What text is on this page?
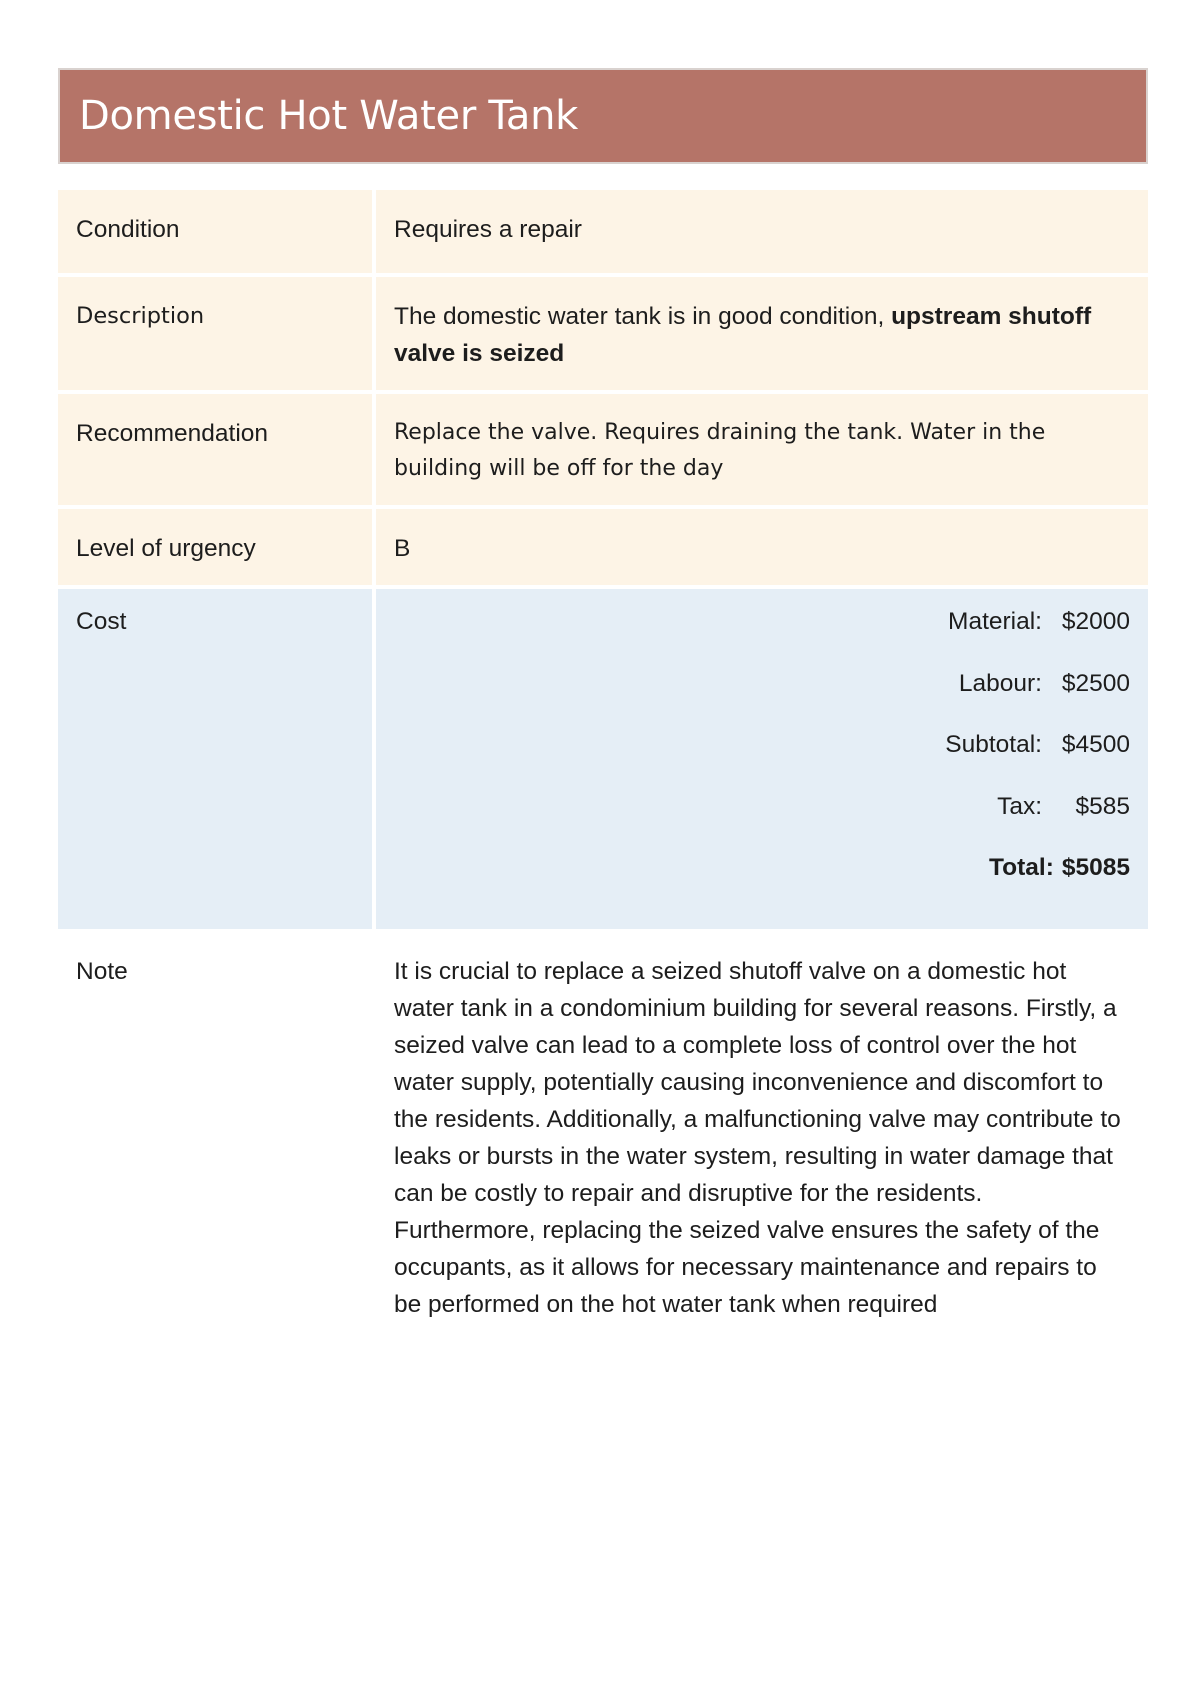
Domestic Hot Water Tank
Condition	Requires a repair
Description	The domestic water tank is in good condition, upstream shutoff valve is seized
Recommendation	Replace the valve. Requires draining the tank. Water in the building will be off for the day
Level of urgency	B
Cost	Material: $2000
Labour: $2500
Subtotal: $4500
Tax: $585
Total: $5085

Note	It is crucial to replace a seized shutoff valve on a domestic hot water tank in a condominium building for several reasons. Firstly, a seized valve can lead to a complete loss of control over the hot water supply, potentially causing inconvenience and discomfort to the residents. Additionally, a malfunctioning valve may contribute to leaks or bursts in the water system, resulting in water damage that can be costly to repair and disruptive for the residents. Furthermore, replacing the seized valve ensures the safety of the occupants, as it allows for necessary maintenance and repairs to be performed on the hot water tank when required
